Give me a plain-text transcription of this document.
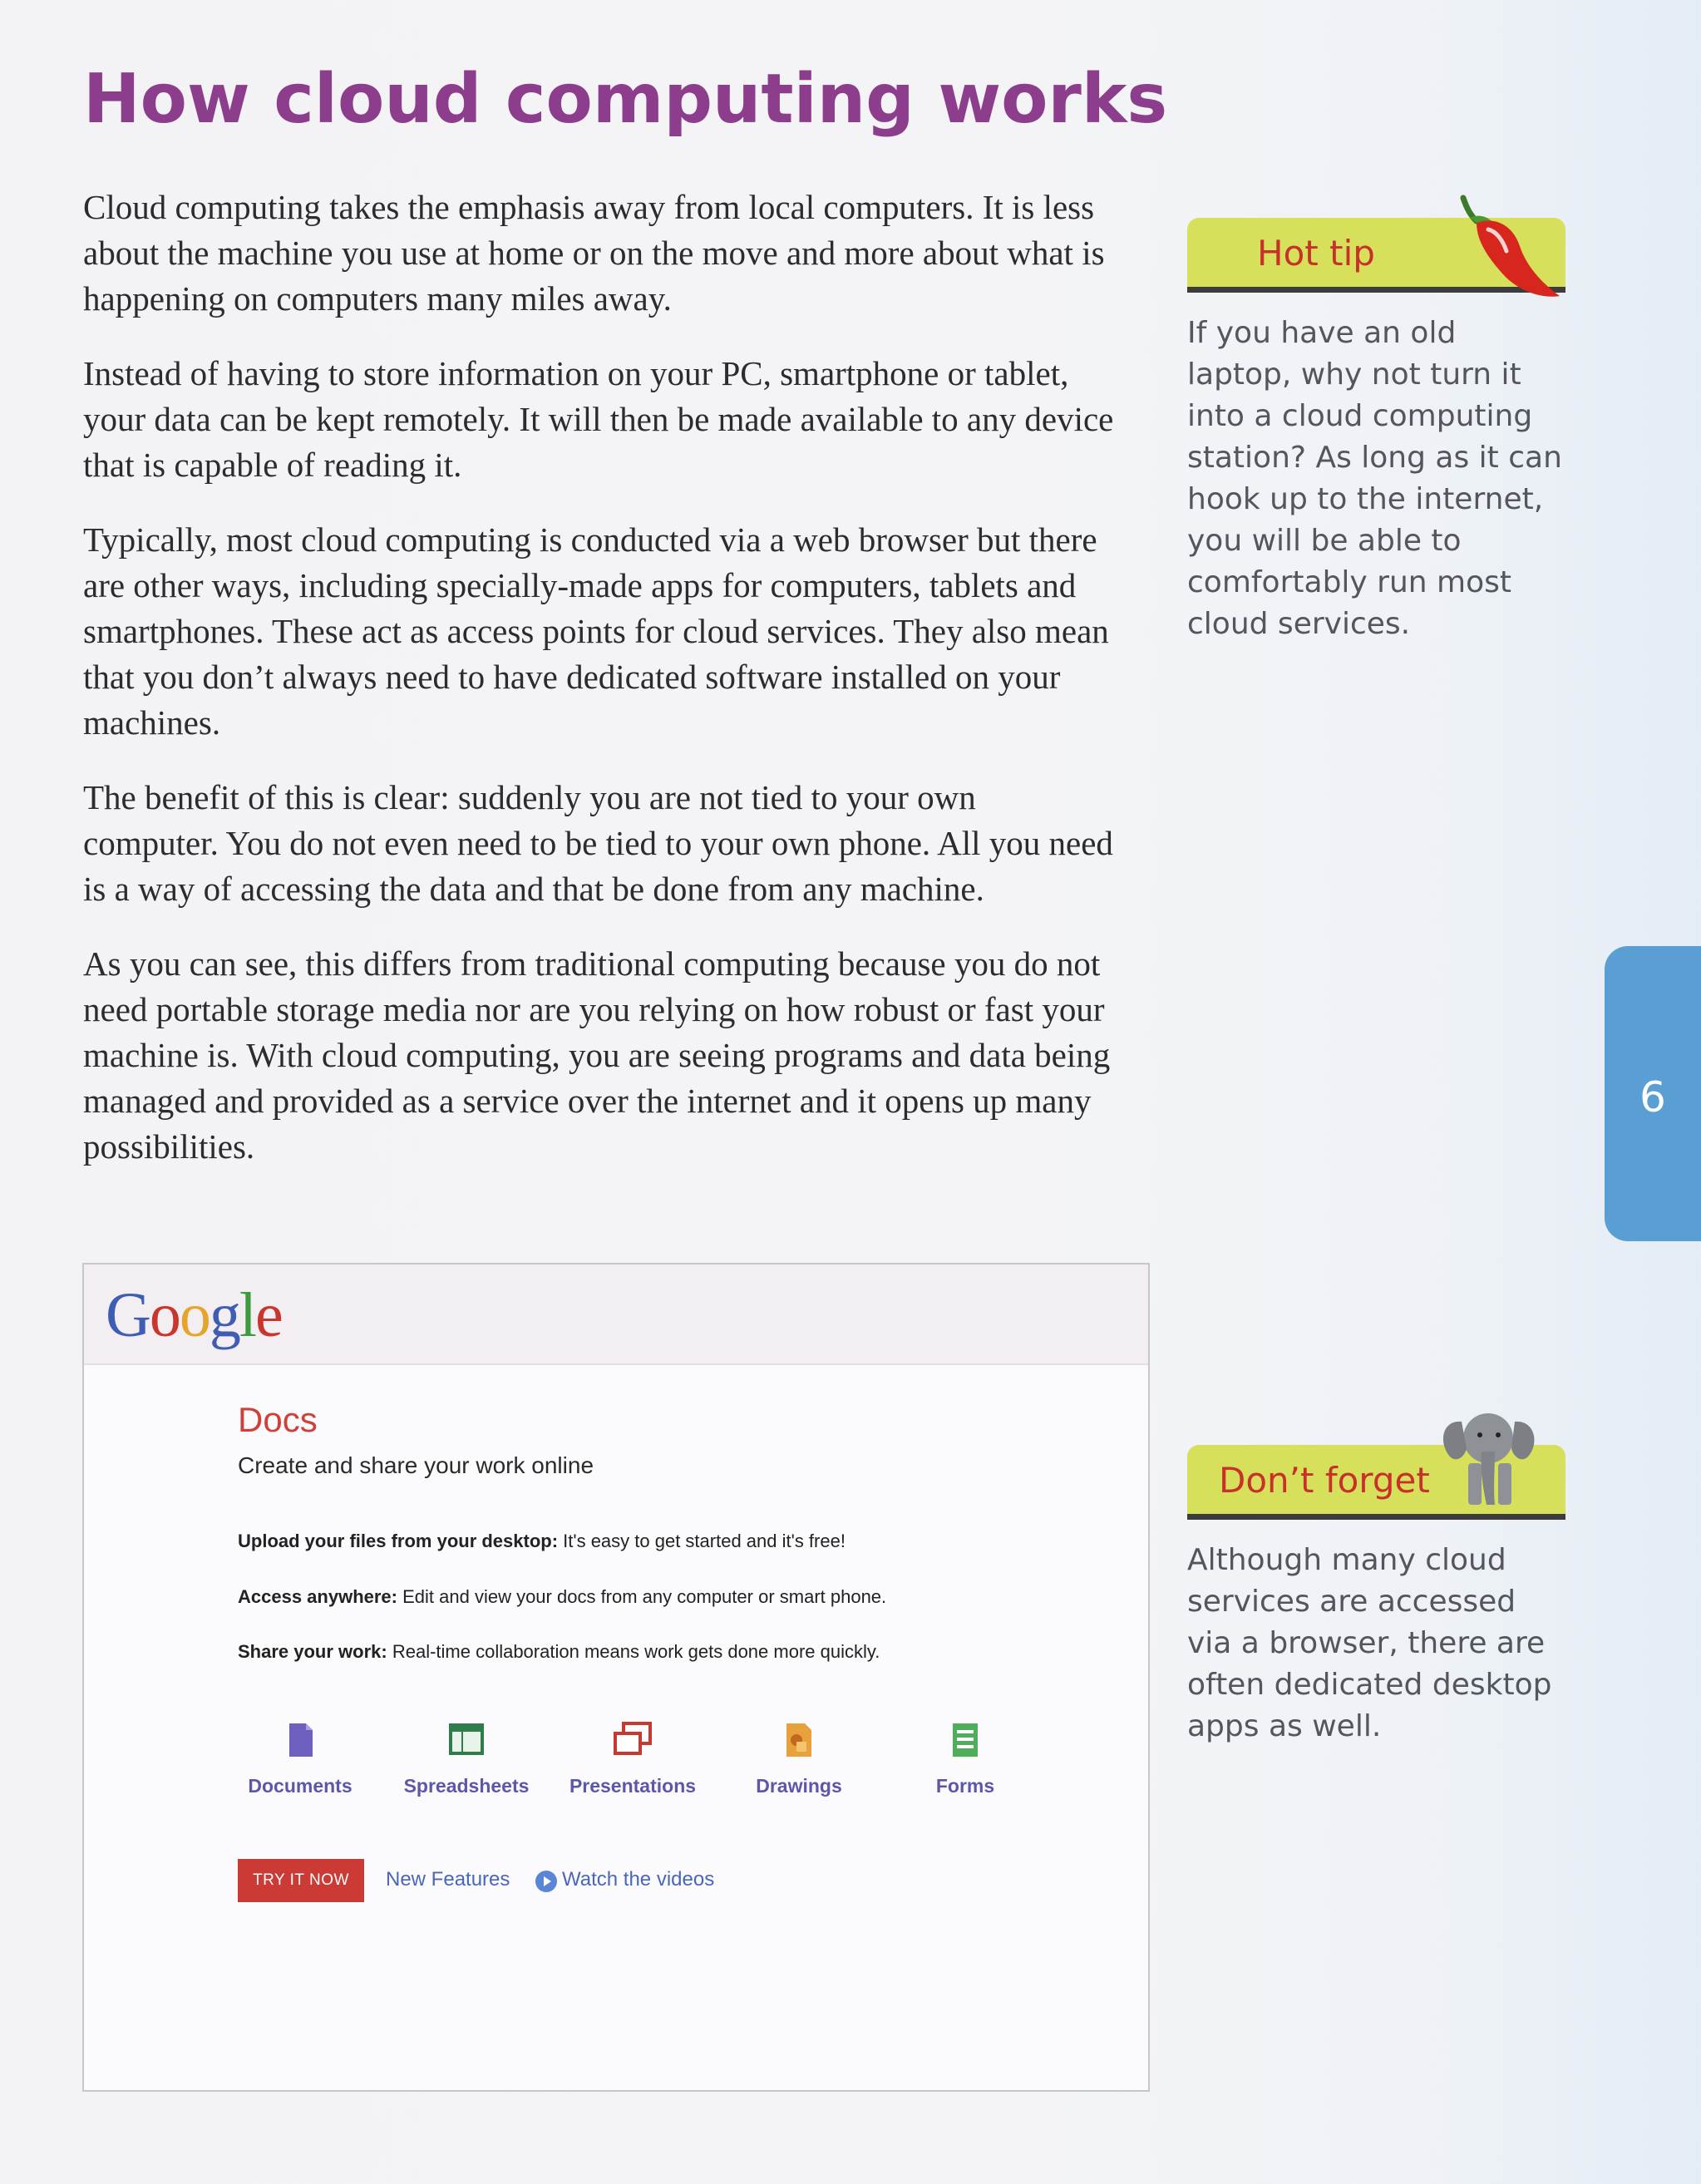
How cloud computing works

Cloud computing takes the emphasis away from local computers. It is less about the machine you use at home or on the move and more about what is happening on computers many miles away.

Instead of having to store information on your PC, smartphone or tablet, your data can be kept remotely. It will then be made available to any device that is capable of reading it.

Typically, most cloud computing is conducted via a web browser but there are other ways, including specially-made apps for computers, tablets and smartphones. These act as access points for cloud services. They also mean that you don’t always need to have dedicated software installed on your machines.

The benefit of this is clear: suddenly you are not tied to your own computer. You do not even need to be tied to your own phone. All you need is a way of accessing the data and that be done from any machine.

As you can see, this differs from traditional computing because you do not need portable storage media nor are you relying on how robust or fast your machine is. With cloud computing, you are seeing programs and data being managed and provided as a service over the internet and it opens up many possibilities.

Hot tip
If you have an old laptop, why not turn it into a cloud computing station? As long as it can hook up to the internet, you will be able to comfortably run most cloud services.
Don’t forget
Although many cloud services are accessed via a browser, there are often dedicated desktop apps as well.
9
Google
Docs
Create and share your work online
Upload your files from your desktop: It's easy to get started and it's free!
Access anywhere: Edit and view your docs from any computer or smart phone.
Share your work: Real-time collaboration means work gets done more quickly.
Documents	Spreadsheets	Presentations	Drawings	Forms
TRY IT NOW	New Features	Watch the videos
